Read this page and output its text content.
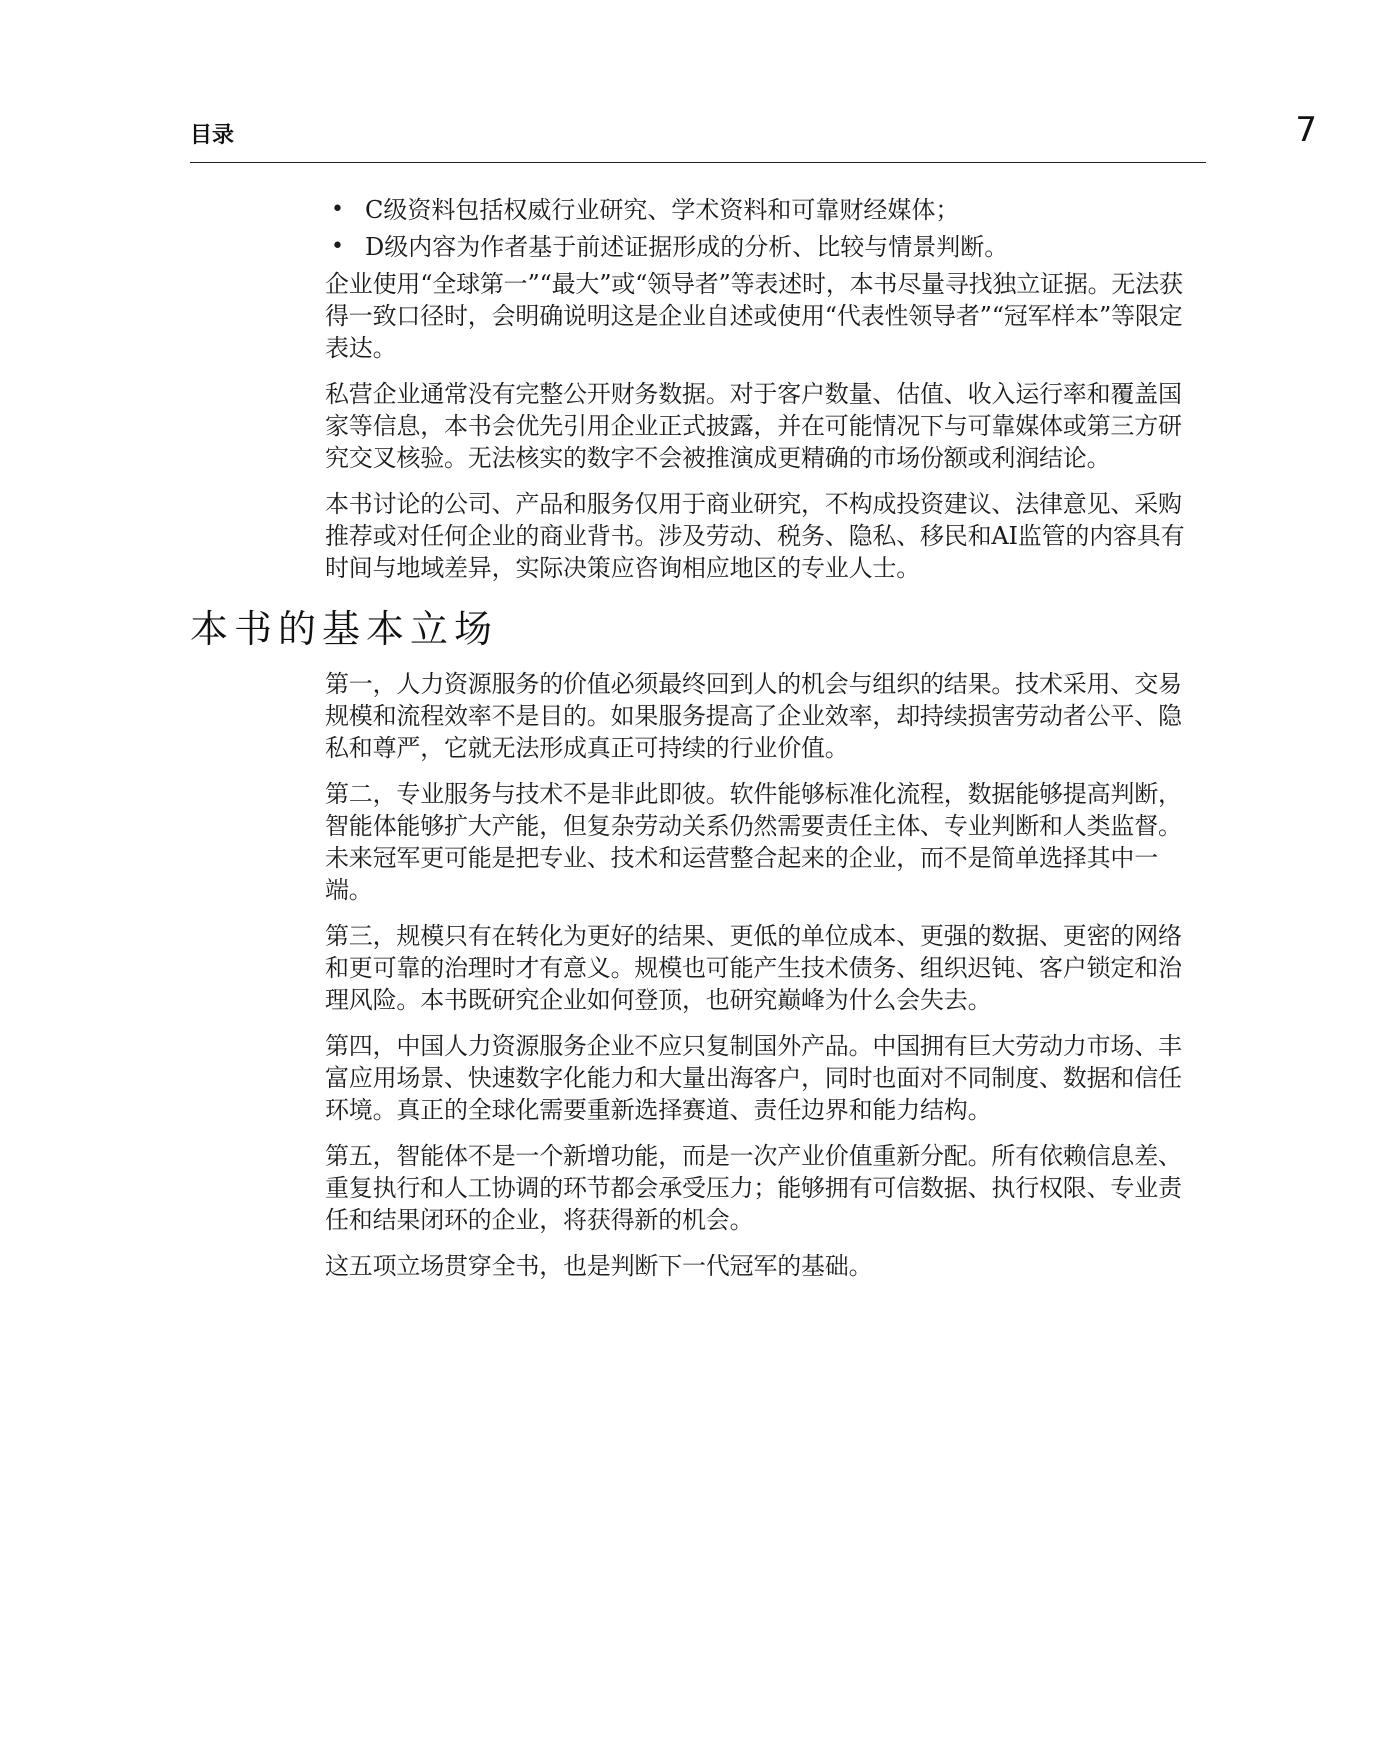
目录	7
• C级资料包括权威行业研究、学术资料和可靠财经媒体；
• D级内容为作者基于前述证据形成的分析、比较与情景判断。

企业使用“全球第一”“最大”或“领导者”等表述时，本书尽量寻找独立证据。无法获得一致口径时，会明确说明这是企业自述或使用“代表性领导者”“冠军样本”等限定表达。

私营企业通常没有完整公开财务数据。对于客户数量、估值、收入运行率和覆盖国家等信息，本书会优先引用企业正式披露，并在可能情况下与可靠媒体或第三方研究交叉核验。无法核实的数字不会被推演成更精确的市场份额或利润结论。

本书讨论的公司、产品和服务仅用于商业研究，不构成投资建议、法律意见、采购推荐或对任何企业的商业背书。涉及劳动、税务、隐私、移民和AI监管的内容具有时间与地域差异，实际决策应咨询相应地区的专业人士。

本书的基本立场

第一，人力资源服务的价值必须最终回到人的机会与组织的结果。技术采用、交易规模和流程效率不是目的。如果服务提高了企业效率，却持续损害劳动者公平、隐私和尊严，它就无法形成真正可持续的行业价值。

第二，专业服务与技术不是非此即彼。软件能够标准化流程，数据能够提高判断，智能体能够扩大产能，但复杂劳动关系仍然需要责任主体、专业判断和人类监督。未来冠军更可能是把专业、技术和运营整合起来的企业，而不是简单选择其中一端。

第三，规模只有在转化为更好的结果、更低的单位成本、更强的数据、更密的网络和更可靠的治理时才有意义。规模也可能产生技术债务、组织迟钝、客户锁定和治理风险。本书既研究企业如何登顶，也研究巅峰为什么会失去。

第四，中国人力资源服务企业不应只复制国外产品。中国拥有巨大劳动力市场、丰富应用场景、快速数字化能力和大量出海客户，同时也面对不同制度、数据和信任环境。真正的全球化需要重新选择赛道、责任边界和能力结构。

第五，智能体不是一个新增功能，而是一次产业价值重新分配。所有依赖信息差、重复执行和人工协调的环节都会承受压力；能够拥有可信数据、执行权限、专业责任和结果闭环的企业，将获得新的机会。

这五项立场贯穿全书，也是判断下一代冠军的基础。
